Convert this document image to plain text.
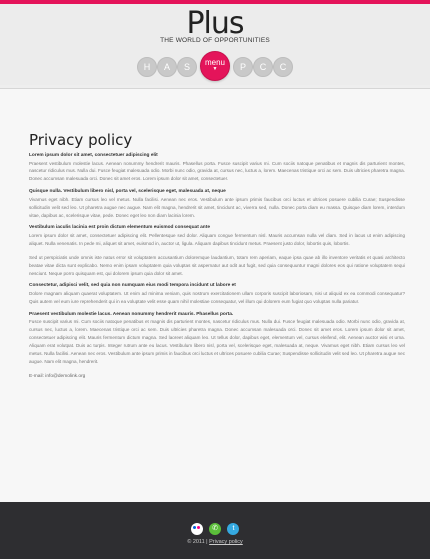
Plus
THE WORLD OF OPPORTUNITIES
H	A	S	menu
▼	P	C	C
Privacy policy
Lorem ipsum dolor sit amet, consectetuer adipiscing elit
Praesent vestibulum molestie lacus. Aenean nonummy hendrerit mauris. Phasellus porta. Fusce suscipit varius mi. Cum sociis natoque penatibus et magnis dis parturient montes, nascetur ridiculus mus. Nulla dui. Fusce feugiat malesuada odio. Morbi nunc odio, gravida at, cursus nec, luctus a, lorem. Maecenas tristique orci ac sem. Duis ultricies pharetra magna. Donec accumsan malesuada orci. Donec sit amet eros. Lorem ipsum dolor sit amet, consectetuer.
Quisque nulla. Vestibulum libero nisl, porta vel, scelerisque eget, malesuada at, neque
Vivamus eget nibh. Etiam cursus leo vel metus. Nulla facilisi. Aenean nec eros. Vestibulum ante ipsum primis faucibus orci luctus et ultrices posuere cubilia Curae; Suspendisse sollicitudin velit sed leo. Ut pharetra augue nec augue. Nam elit magna, hendrerit sit amet, tincidunt ac, viverra sed, nulla. Donec porta diam eu massa. Quisque diam lorem, interdum vitae, dapibus ac, scelerisque vitae, pede. Donec eget leo non diam lacinia lorem.
Vestibulum iaculis lacinia est proin dictum elementum euismod consequat ante
Lorem ipsum dolor sit amet, consectetuer adipiscing elit. Pellentesque sed dolor. Aliquam congue fermentum nisl. Mauris accumsan nulla vel diam. Sed in lacus ut enim adipiscing aliquet. Nulla venenatis. In pede mi, aliquet sit amet, euismod in, auctor ut, ligula. Aliquam dapibus tincidunt metus. Praesent justo dolor, lobortis quis, lobortis.
Sed ut perspiciatis unde omnis iste natus error sit voluptatem accusantium doloremque laudantium, totam rem aperiam, eaque ipsa quae ab illo inventore veritatis et quasi architecto beatae vitae dicta sunt explicabo. Nemo enim ipsam voluptatem quia voluptas sit aspernatur aut odit aut fugit, sed quia consequuntur magni dolores eos qui ratione voluptatem sequi nesciunt. Neque porro quisquam est, qui dolorem ipsum quia dolor sit amet.
Consectetur, adipisci velit, sed quia non numquam eius modi tempora incidunt ut labore et
Dolore magnam aliquam quaerat voluptatem. Ut enim ad minima veniam, quis nostrum exercitationem ullam corporis suscipit laboriosam, nisi ut aliquid ex ea commodi consequatur? Quis autem vel eum iure reprehenderit qui in ea voluptate velit esse quam nihil molestiae consequatur, vel illum qui dolorem eum fugiat quo voluptas nulla pariatur.
Praesent vestibulum molestie lacus. Aenean nonummy hendrerit mauris. Phasellus porta.
Fusce suscipit varius mi. Cum sociis natoque penatibus et magnis dis parturient montes, nascetur ridiculus mus. Nulla dui. Fusce feugiat malesuada odio. Morbi nunc odio, gravida at, cursus nec, luctus a, lorem. Maecenas tristique orci ac sem. Duis ultricies pharetra magna. Donec accumsan malesuada orci. Donec sit amet eros. Lorem ipsum dolor sit amet, consectetuer adipiscing elit. Mauris fermentum dictum magna. Sed laoreet aliquam leo. Ut tellus dolor, dapibus eget, elementum vel, cursus eleifend, elit. Aenean auctor wisi et urna. Aliquam erat volutpat. Duis ac turpis. Integer rutrum ante eu lacus. Vestibulum libero nisl, porta vel, scelerisque eget, malesuada at, neque. Vivamus eget nibh. Etiam cursus leo vel metus. Nulla facilisi. Aenean nec eros. Vestibulum ante ipsum primis in faucibus orci luctus et ultrices posuere cubilia Curae; Suspendisse sollicitudin velit sed leo. Ut pharetra augue nec augue. Nam elit magna, hendrerit.
E-mail: info@demolink.org
✆ t
© 2011 | Privacy policy
